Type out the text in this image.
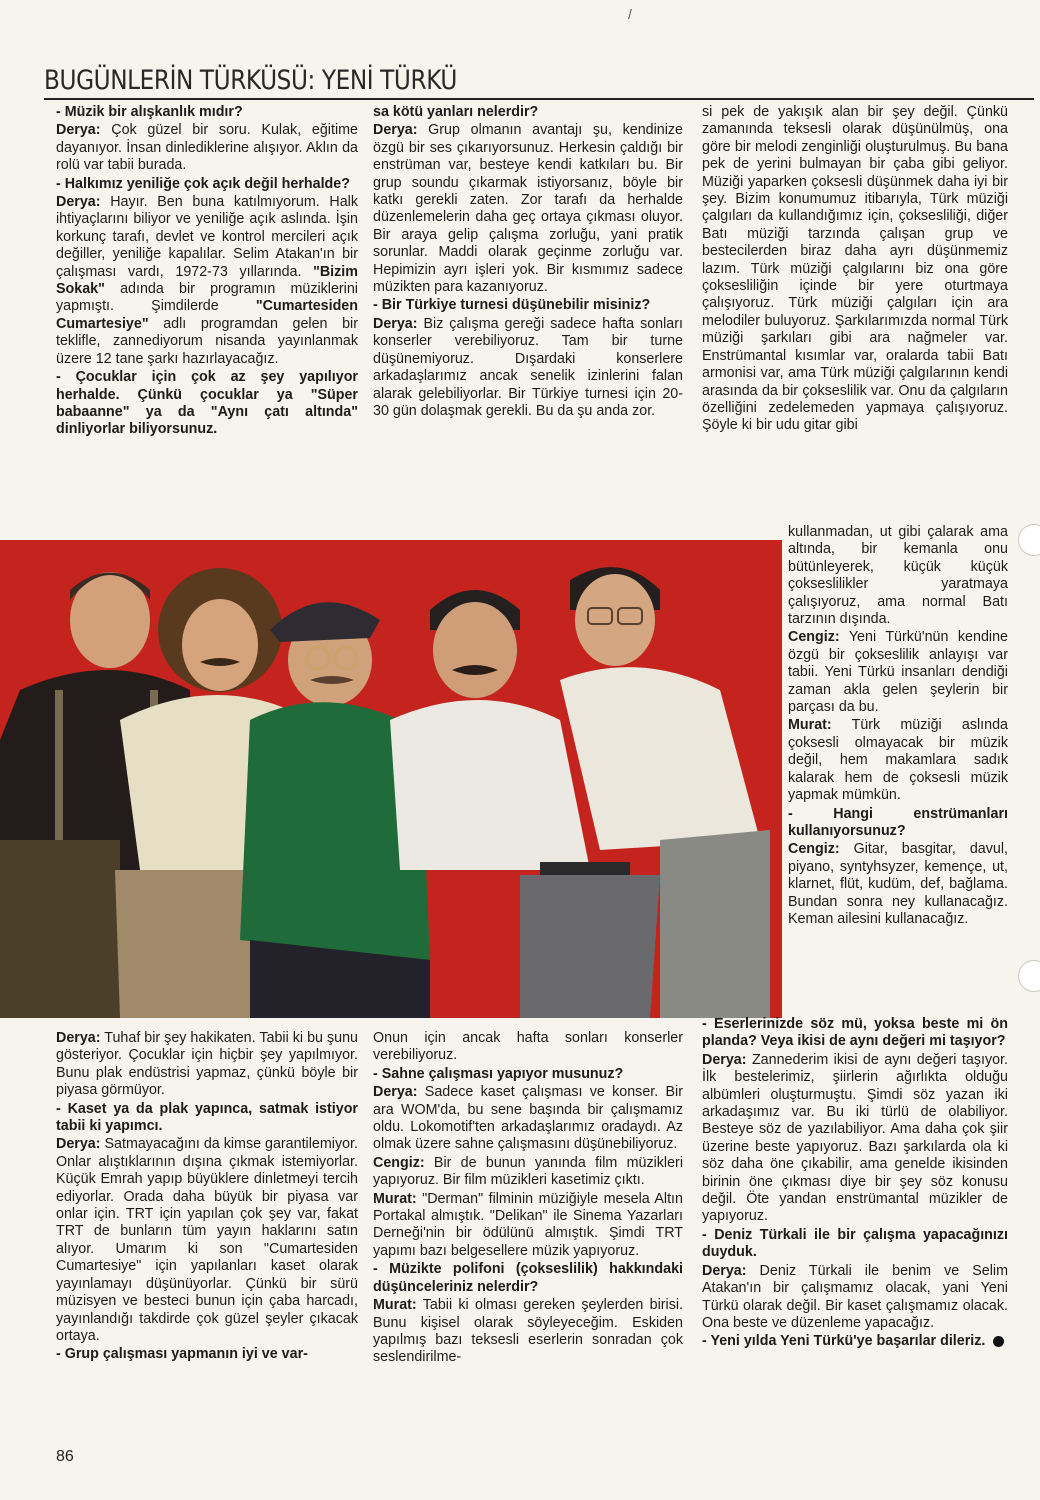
/
BUGÜNLERİN TÜRKÜSÜ: YENİ TÜRKÜ

- Müzik bir alışkanlık mıdır?

Derya: Çok güzel bir soru. Kulak, eğitime dayanıyor. İnsan dinlediklerine alışıyor. Aklın da rolü var tabii burada.

- Halkımız yeniliğe çok açık değil herhalde?

Derya: Hayır. Ben buna katılmıyorum. Halk ihtiyaçlarını biliyor ve yeniliğe açık aslında. İşin korkunç tarafı, devlet ve kontrol mercileri açık değiller, yeniliğe kapalılar. Selim Atakan'ın bir çalışması vardı, 1972-73 yıllarında. "Bizim Sokak" adında bir programın müziklerini yapmıştı. Şimdilerde "Cumartesiden Cumartesiye" adlı programdan gelen bir teklifle, zannediyorum nisanda yayınlanmak üzere 12 tane şarkı hazırlayacağız.

- Çocuklar için çok az şey yapılıyor herhalde. Çünkü çocuklar ya "Süper babaanne" ya da "Aynı çatı altında" dinliyorlar biliyorsunuz.

sa kötü yanları nelerdir?

Derya: Grup olmanın avantajı şu, kendinize özgü bir ses çıkarıyorsunuz. Herkesin çaldığı bir enstrüman var, besteye kendi katkıları bu. Bir grup soundu çıkarmak istiyorsanız, böyle bir katkı gerekli zaten. Zor tarafı da herhalde düzenlemelerin daha geç ortaya çıkması oluyor. Bir araya gelip çalışma zorluğu, yani pratik sorunlar. Maddi olarak geçinme zorluğu var. Hepimizin ayrı işleri yok. Bir kısmımız sadece müzikten para kazanıyoruz.

- Bir Türkiye turnesi düşünebilir misiniz?

Derya: Biz çalışma gereği sadece hafta sonları konserler verebiliyoruz. Tam bir turne düşünemiyoruz. Dışardaki konserlere arkadaşlarımız ancak senelik izinlerini falan alarak gelebiliyorlar. Bir Türkiye turnesi için 20-30 gün dolaşmak gerekli. Bu da şu anda zor.

si pek de yakışık alan bir şey değil. Çünkü zamanında teksesli olarak düşünülmüş, ona göre bir melodi zenginliği oluşturulmuş. Bu bana pek de yerini bulmayan bir çaba gibi geliyor. Müziği yaparken çoksesli düşünmek daha iyi bir şey. Bizim konumumuz itibarıyla, Türk müziği çalgıları da kullandığımız için, çoksesliliği, diğer Batı müziği tarzında çalışan grup ve bestecilerden biraz daha ayrı düşünmemiz lazım. Türk müziği çalgılarını biz ona göre çoksesliliğin içinde bir yere oturtmaya çalışıyoruz. Türk müziği çalgıları için ara melodiler buluyoruz. Şarkılarımızda normal Türk müziği şarkıları gibi ara nağmeler var. Enstrümantal kısımlar var, oralarda tabii Batı armonisi var, ama Türk müziği çalgılarının kendi arasında da bir çokseslilik var. Onu da çalgıların özelliğini zedelemeden yapmaya çalışıyoruz. Şöyle ki bir udu gitar gibi

kullanmadan, ut gibi çalarak ama altında, bir kemanla onu bütünleyerek, küçük küçük çokseslilikler yaratmaya çalışıyoruz, ama normal Batı tarzının dışında.

Cengiz: Yeni Türkü'nün kendine özgü bir çokseslilik anlayışı var tabii. Yeni Türkü insanları dendiği zaman akla gelen şeylerin bir parçası da bu.

Murat: Türk müziği aslında çoksesli olmayacak bir müzik değil, hem makamlara sadık kalarak hem de çoksesli müzik yapmak mümkün.

- Hangi enstrümanları kullanıyorsunuz?

Cengiz: Gitar, basgitar, davul, piyano, syntyhsyzer, kemençe, ut, klarnet, flüt, kudüm, def, bağlama. Bundan sonra ney kullanacağız. Keman ailesini kullanacağız.

Derya: Tuhaf bir şey hakikaten. Tabii ki bu şunu gösteriyor. Çocuklar için hiçbir şey yapılmıyor. Bunu plak endüstrisi yapmaz, çünkü böyle bir piyasa görmüyor.

- Kaset ya da plak yapınca, satmak istiyor tabii ki yapımcı.

Derya: Satmayacağını da kimse garantilemiyor. Onlar alıştıklarının dışına çıkmak istemiyorlar. Küçük Emrah yapıp büyüklere dinletmeyi tercih ediyorlar. Orada daha büyük bir piyasa var onlar için. TRT için yapılan çok şey var, fakat TRT de bunların tüm yayın haklarını satın alıyor. Umarım ki son "Cumartesiden Cumartesiye" için yapılanları kaset olarak yayınlamayı düşünüyorlar. Çünkü bir sürü müzisyen ve besteci bunun için çaba harcadı, yayınlandığı takdirde çok güzel şeyler çıkacak ortaya.

- Grup çalışması yapmanın iyi ve var-

Onun için ancak hafta sonları konserler verebiliyoruz.

- Sahne çalışması yapıyor musunuz?

Derya: Sadece kaset çalışması ve konser. Bir ara WOM'da, bu sene başında bir çalışmamız oldu. Lokomotif'ten arkadaşlarımız oradaydı. Az olmak üzere sahne çalışmasını düşünebiliyoruz.

Cengiz: Bir de bunun yanında film müzikleri yapıyoruz. Bir film müzikleri kasetimiz çıktı.

Murat: "Derman" filminin müziğiyle mesela Altın Portakal almıştık. "Delikan" ile Sinema Yazarları Derneği'nin bir ödülünü almıştık. Şimdi TRT yapımı bazı belgesellere müzik yapıyoruz.

- Müzikte polifoni (çokseslilik) hakkındaki düşünceleriniz nelerdir?

Murat: Tabii ki olması gereken şeylerden birisi. Bunu kişisel olarak söyleyeceğim. Eskiden yapılmış bazı teksesli eserlerin sonradan çok seslendirilme-

- Eserlerinizde söz mü, yoksa beste mi ön planda? Veya ikisi de aynı değeri mi taşıyor?

Derya: Zannederim ikisi de aynı değeri taşıyor. İlk bestelerimiz, şiirlerin ağırlıkta olduğu albümleri oluşturmuştu. Şimdi söz yazan iki arkadaşımız var. Bu iki türlü de olabiliyor. Besteye söz de yazılabiliyor. Ama daha çok şiir üzerine beste yapıyoruz. Bazı şarkılarda ola ki söz daha öne çıkabilir, ama genelde ikisinden birinin öne çıkması diye bir şey söz konusu değil. Öte yandan enstrümantal müzikler de yapıyoruz.

- Deniz Türkali ile bir çalışma yapacağınızı duyduk.

Derya: Deniz Türkali ile benim ve Selim Atakan'ın bir çalışmamız olacak, yani Yeni Türkü olarak değil. Bir kaset çalışmamız olacak. Ona beste ve düzenleme yapacağız.

- Yeni yılda Yeni Türkü'ye başarılar dileriz.

86
